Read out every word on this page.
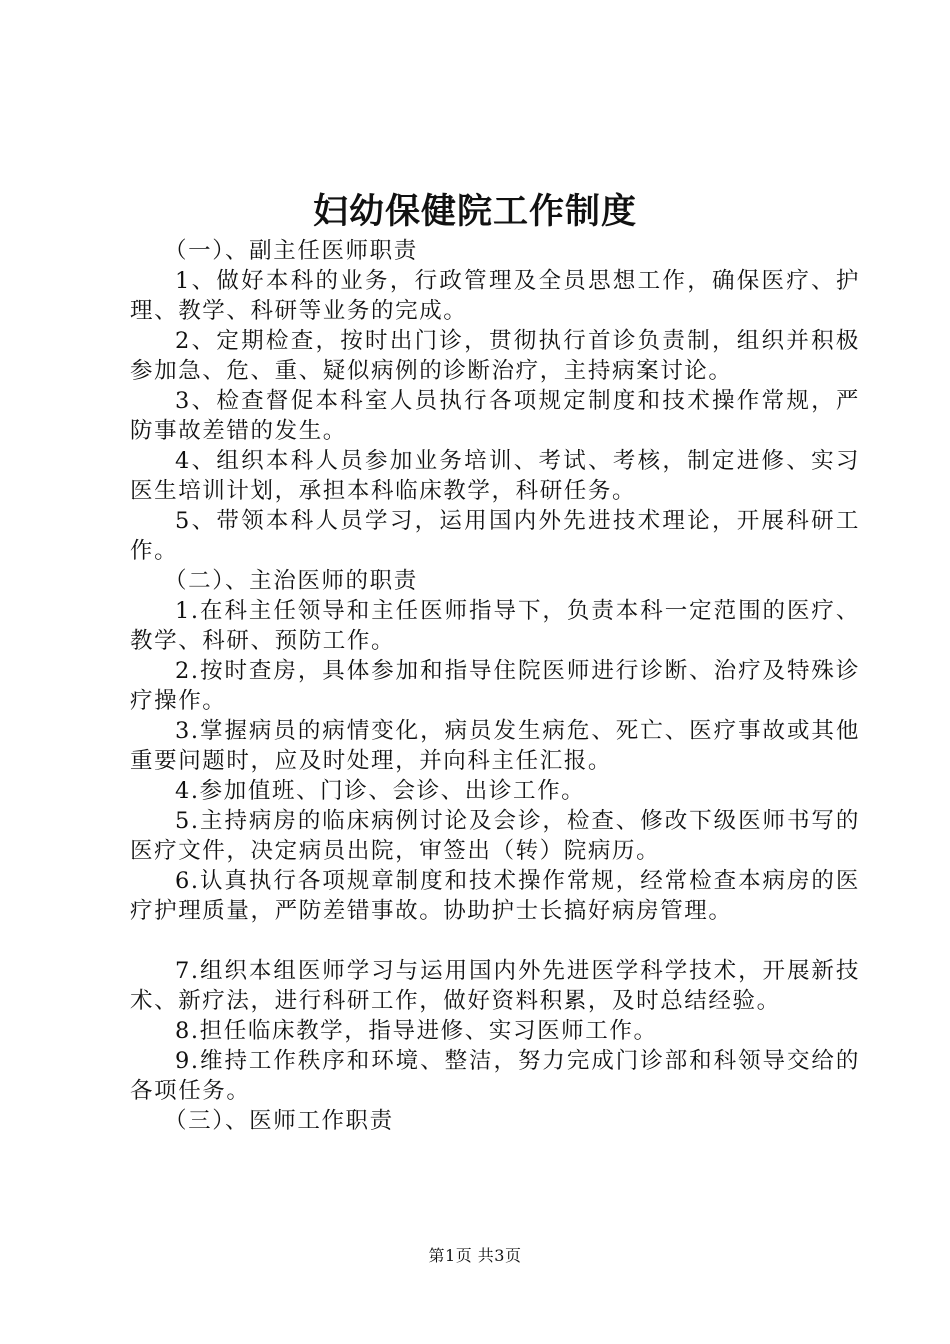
妇幼保健院工作制度

（一）、副主任医师职责

1、做好本科的业务，行政管理及全员思想工作，确保医疗、护理、教学、科研等业务的完成。

2、定期检查，按时出门诊，贯彻执行首诊负责制，组织并积极参加急、危、重、疑似病例的诊断治疗，主持病案讨论。

3、检查督促本科室人员执行各项规定制度和技术操作常规，严防事故差错的发生。

4、组织本科人员参加业务培训、考试、考核，制定进修、实习医生培训计划，承担本科临床教学，科研任务。

5、带领本科人员学习，运用国内外先进技术理论，开展科研工作。

（二）、主治医师的职责

1.在科主任领导和主任医师指导下，负责本科一定范围的医疗、教学、科研、预防工作。

2.按时查房，具体参加和指导住院医师进行诊断、治疗及特殊诊疗操作。

3.掌握病员的病情变化，病员发生病危、死亡、医疗事故或其他重要问题时，应及时处理，并向科主任汇报。

4.参加值班、门诊、会诊、出诊工作。

5.主持病房的临床病例讨论及会诊，检查、修改下级医师书写的医疗文件，决定病员出院，审签出（转）院病历。

6.认真执行各项规章制度和技术操作常规，经常检查本病房的医疗护理质量，严防差错事故。协助护士长搞好病房管理。

7.组织本组医师学习与运用国内外先进医学科学技术，开展新技术、新疗法，进行科研工作，做好资料积累，及时总结经验。

8.担任临床教学，指导进修、实习医师工作。

9.维持工作秩序和环境、整洁，努力完成门诊部和科领导交给的各项任务。

（三）、医师工作职责

第1页 共3页
